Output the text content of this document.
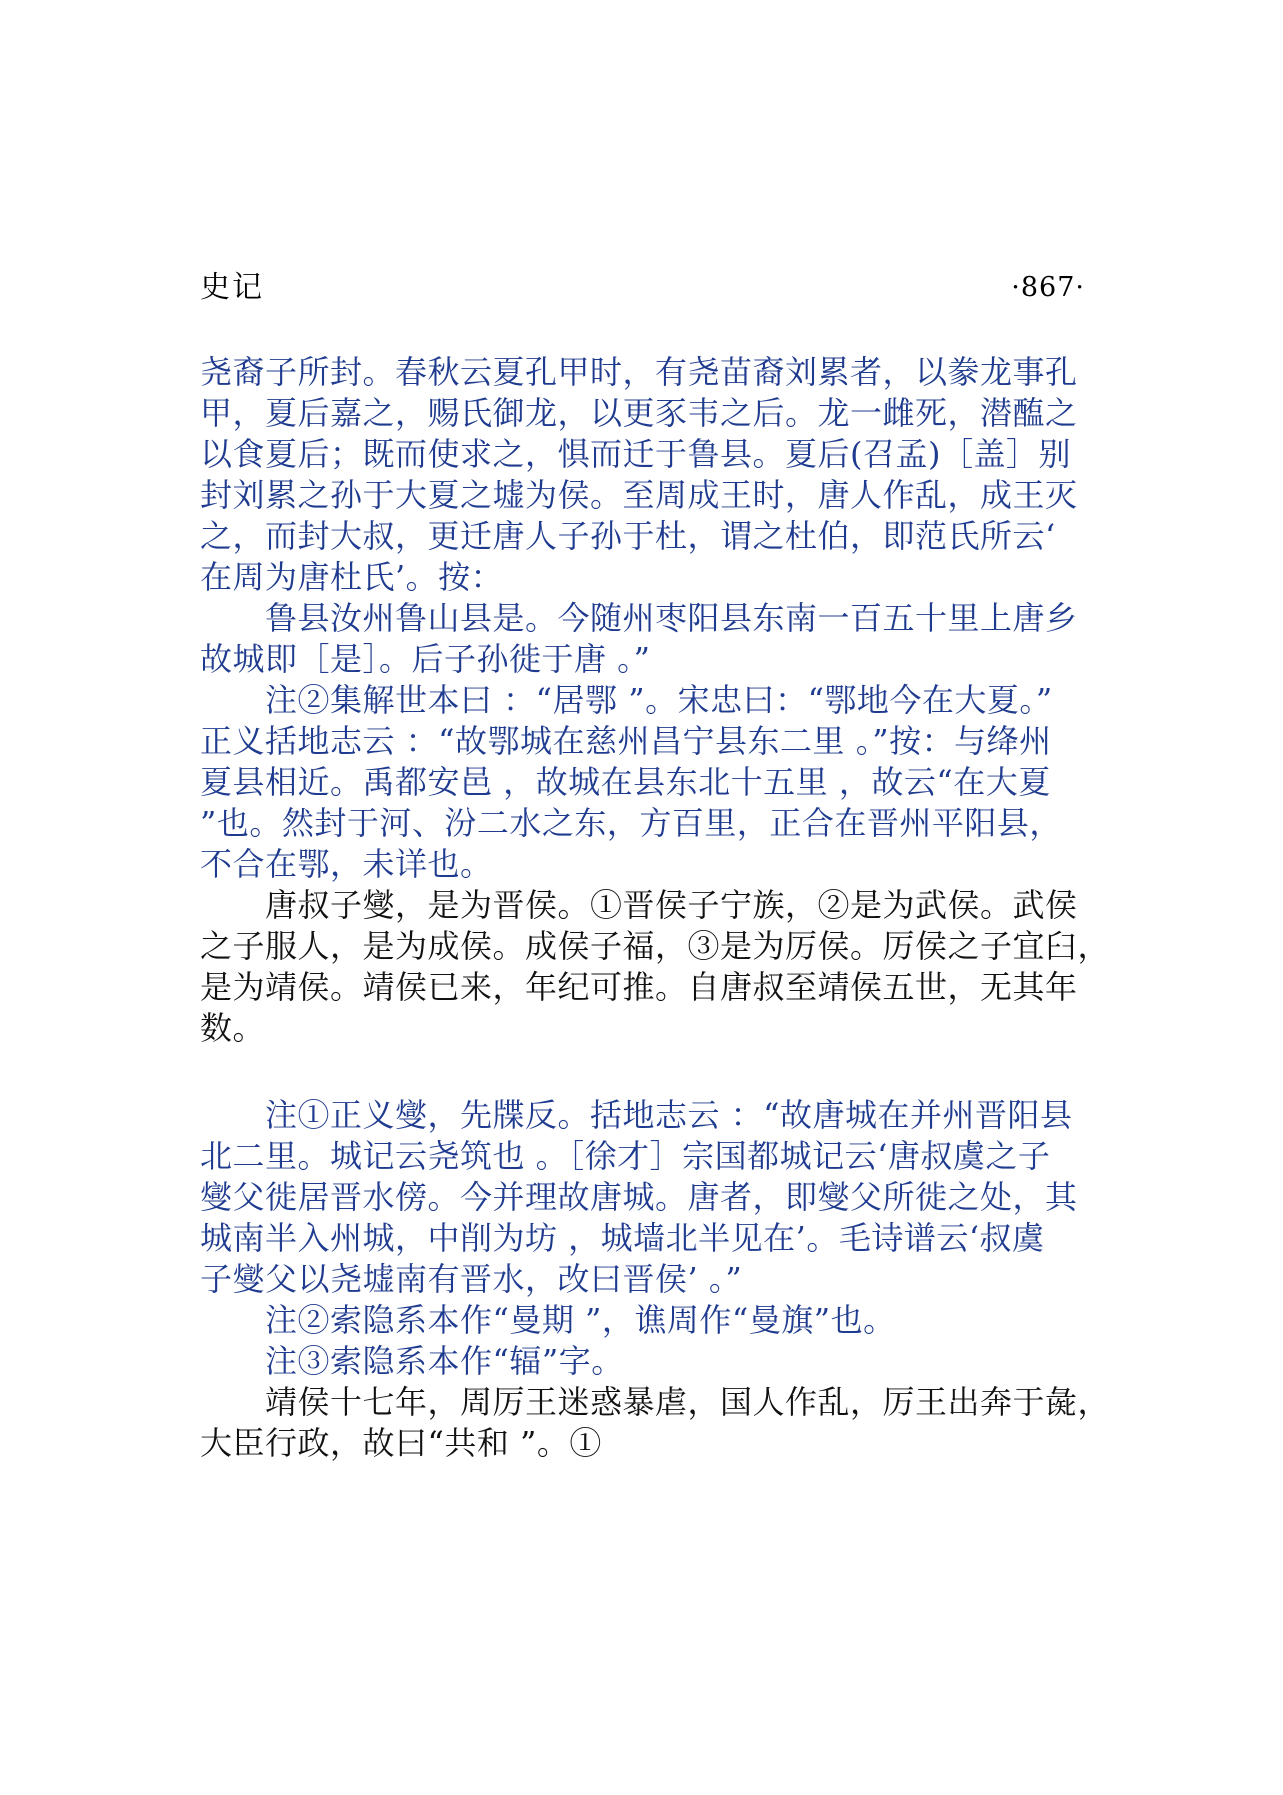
史记	·867·
尧裔子所封。春秋云夏孔甲时，有尧苗裔刘累者，以豢龙事孔
甲，夏后嘉之，赐氏御龙，以更豕韦之后。龙一雌死，潜醢之
以食夏后；既而使求之，惧而迁于鲁县。夏后(召孟)［盖］别
封刘累之孙于大夏之墟为侯。至周成王时，唐人作乱，成王灭
之，而封大叔，更迁唐人子孙于杜，谓之杜伯，即范氏所云‘
在周为唐杜氏’。按：
鲁县汝州鲁山县是。今随州枣阳县东南一百五十里上唐乡
故城即［是］。后子孙徙于唐 。”
注②集解世本曰 ：“居鄂 ”。宋忠曰：“鄂地今在大夏。”
正义括地志云 ：“故鄂城在慈州昌宁县东二里 。”按：与绛州
夏县相近。禹都安邑 ，故城在县东北十五里 ，故云“在大夏
”也。然封于河、汾二水之东，方百里，正合在晋州平阳县，
不合在鄂，未详也。
唐叔子燮，是为晋侯。①晋侯子宁族，②是为武侯。武侯
之子服人，是为成侯。成侯子福，③是为厉侯。厉侯之子宜臼，
是为靖侯。靖侯已来，年纪可推。自唐叔至靖侯五世，无其年
数。
注①正义燮，先牒反。括地志云 ：“故唐城在并州晋阳县
北二里。城记云尧筑也 。［徐才］宗国都城记云‘唐叔虞之子
燮父徙居晋水傍。今并理故唐城。唐者，即燮父所徙之处，其
城南半入州城，中削为坊 ，城墙北半见在’。毛诗谱云‘叔虞
子燮父以尧墟南有晋水，改曰晋侯’ 。”
注②索隐系本作“曼期 ”，谯周作“曼旗”也。
注③索隐系本作“辐”字。
靖侯十七年，周厉王迷惑暴虐，国人作乱，厉王出奔于彘，
大臣行政，故曰“共和 ”。①
